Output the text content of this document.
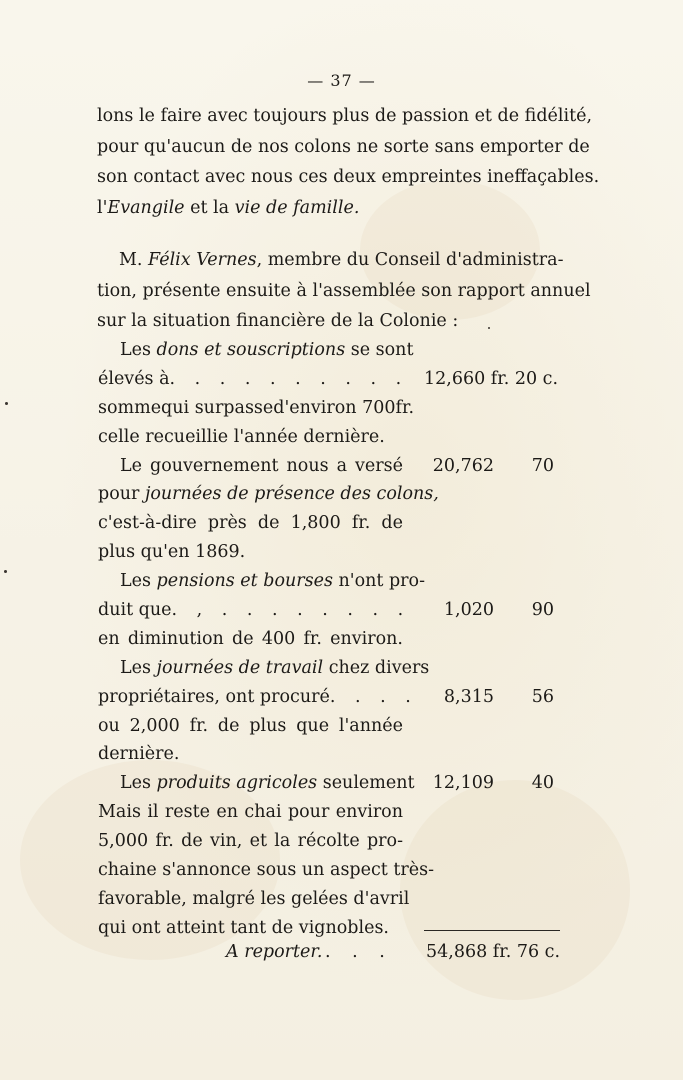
— 37 —
lons le faire avec toujours plus de passion et de fidélité,
pour qu'aucun de nos colons ne sorte sans emporter de
son contact avec nous ces deux empreintes ineffaçables.
l'Evangile et la vie de famille.
M. Félix Vernes, membre du Conseil d'administra-
tion, présente ensuite à l'assemblée son rapport annuel
sur la situation financière de la Colonie :
Les dons et souscriptions se sont
élevés à . . . . . . . . . . 12,660 fr. 20 c.
sommequi surpassed'environ 700fr.
celle recueillie l'année dernière.
Le gouvernement nous a versé	20,762	70
pour journées de présence des colons,
c'est-à-dire près de 1,800 fr. de
plus qu'en 1869.
Les pensions et bourses n'ont pro-
duit que . , . . . . . . . .	1,020	90
en diminution de 400 fr. environ.
Les journées de travail chez divers
propriétaires, ont procuré . . . .	8,315	56
ou 2,000 fr. de plus que l'année
dernière.
Les produits agricoles seulement	12,109	40
Mais il reste en chai pour environ
5,000 fr. de vin, et la récolte pro-
chaine s'annonce sous un aspect très-
favorable, malgré les gelées d'avril
qui ont atteint tant de vignobles.
A reporter. . . . 54,868 fr. 76 c.
